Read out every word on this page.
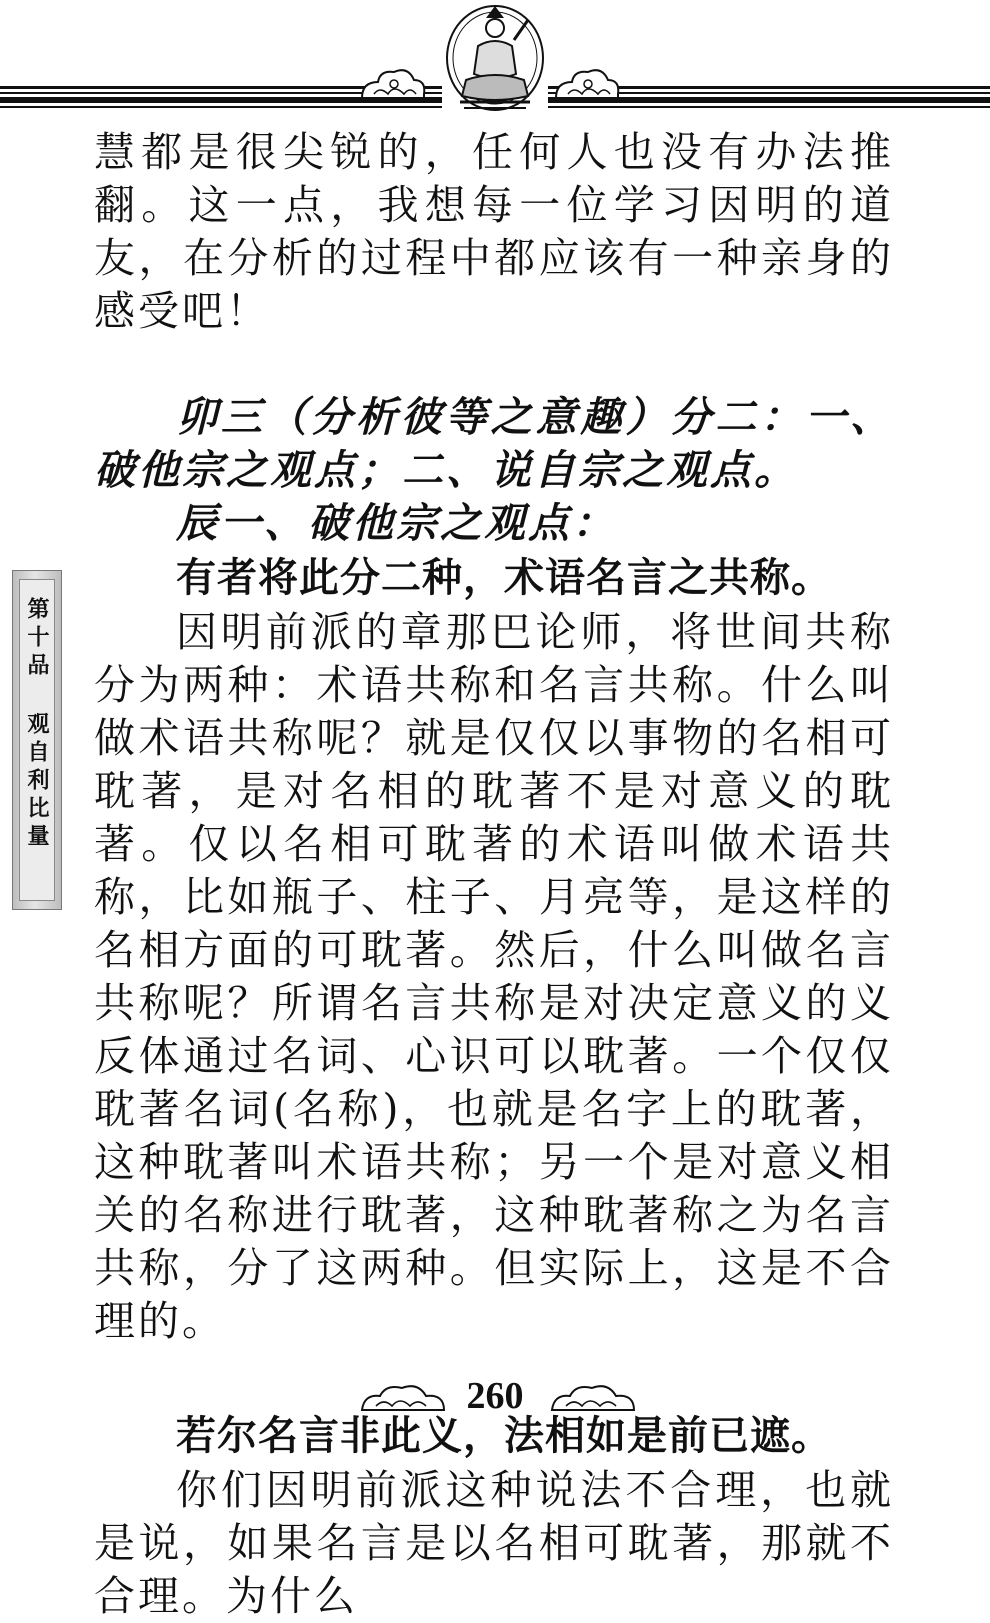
第十品 观自利比量

慧都是很尖锐的，任何人也没有办法推翻。这一点，我想每一位学习因明的道友，在分析的过程中都应该有一种亲身的感受吧！

卯三（分析彼等之意趣）分二：一、破他宗之观点；二、说自宗之观点。

辰一、破他宗之观点：

有者将此分二种，术语名言之共称。

因明前派的章那巴论师，将世间共称分为两种：术语共称和名言共称。什么叫做术语共称呢？就是仅仅以事物的名相可耽著，是对名相的耽著不是对意义的耽著。仅以名相可耽著的术语叫做术语共称，比如瓶子、柱子、月亮等，是这样的名相方面的可耽著。然后，什么叫做名言共称呢？所谓名言共称是对决定意义的义反体通过名词、心识可以耽著。一个仅仅耽著名词(名称)，也就是名字上的耽著，这种耽著叫术语共称；另一个是对意义相关的名称进行耽著，这种耽著称之为名言共称，分了这两种。但实际上，这是不合理的。

若尔名言非此义，法相如是前已遮。

你们因明前派这种说法不合理，也就是说，如果名言是以名相可耽著，那就不合理。为什么

260
